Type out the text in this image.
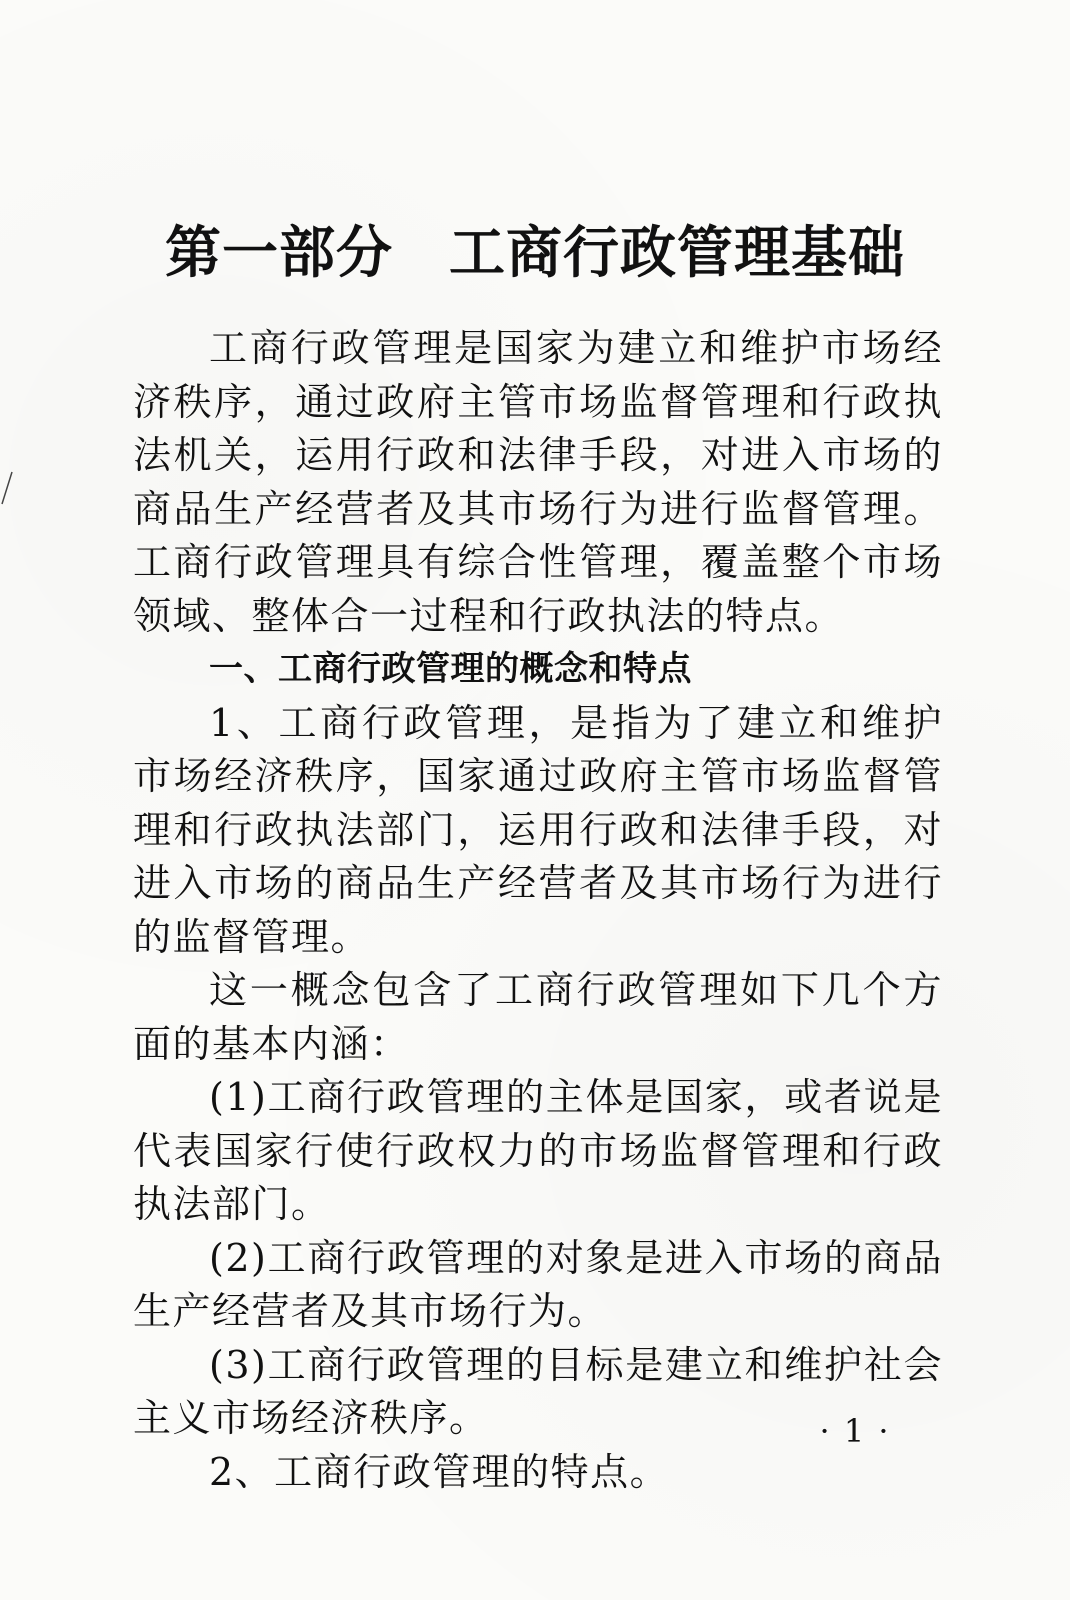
第一部分 工商行政管理基础

工商行政管理是国家为建立和维护市场经济秩序，通过政府主管市场监督管理和行政执法机关，运用行政和法律手段，对进入市场的商品生产经营者及其市场行为进行监督管理。工商行政管理具有综合性管理，覆盖整个市场领域、整体合一过程和行政执法的特点。

一、工商行政管理的概念和特点

1、工商行政管理，是指为了建立和维护市场经济秩序，国家通过政府主管市场监督管理和行政执法部门，运用行政和法律手段，对进入市场的商品生产经营者及其市场行为进行的监督管理。

这一概念包含了工商行政管理如下几个方面的基本内涵：

(1)工商行政管理的主体是国家，或者说是代表国家行使行政权力的市场监督管理和行政执法部门。

(2)工商行政管理的对象是进入市场的商品生产经营者及其市场行为。

(3)工商行政管理的目标是建立和维护社会主义市场经济秩序。

2、工商行政管理的特点。

· 1 ·
